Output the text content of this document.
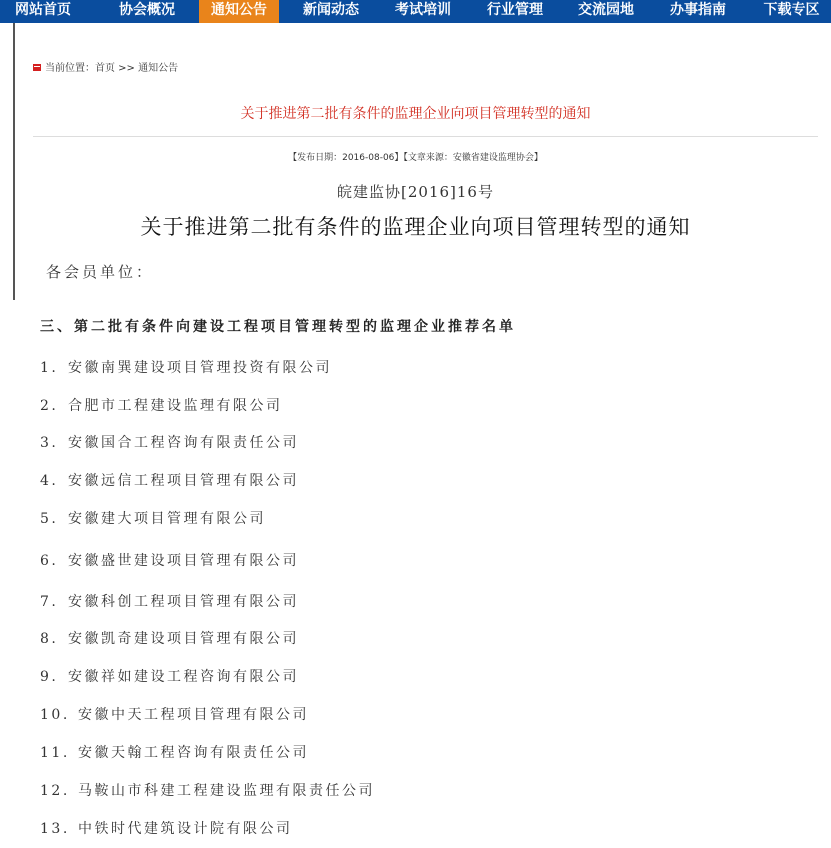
网站首页	协会概况	通知公告	新闻动态	考试培训	行业管理	交流园地	办事指南	下载专区
当前位置：首页 >> 通知公告
关于推进第二批有条件的监理企业向项目管理转型的通知
【发布日期：2016-08-06】【文章来源：安徽省建设监理协会】
皖建监协[2016]16号
关于推进第二批有条件的监理企业向项目管理转型的通知
各会员单位：
三、第二批有条件向建设工程项目管理转型的监理企业推荐名单
1. 安徽南巽建设项目管理投资有限公司
2. 合肥市工程建设监理有限公司
3. 安徽国合工程咨询有限责任公司
4. 安徽远信工程项目管理有限公司
5. 安徽建大项目管理有限公司
6. 安徽盛世建设项目管理有限公司
7. 安徽科创工程项目管理有限公司
8. 安徽凯奇建设项目管理有限公司
9. 安徽祥如建设工程咨询有限公司
10. 安徽中天工程项目管理有限公司
11. 安徽天翰工程咨询有限责任公司
12. 马鞍山市科建工程建设监理有限责任公司
13. 中铁时代建筑设计院有限公司
